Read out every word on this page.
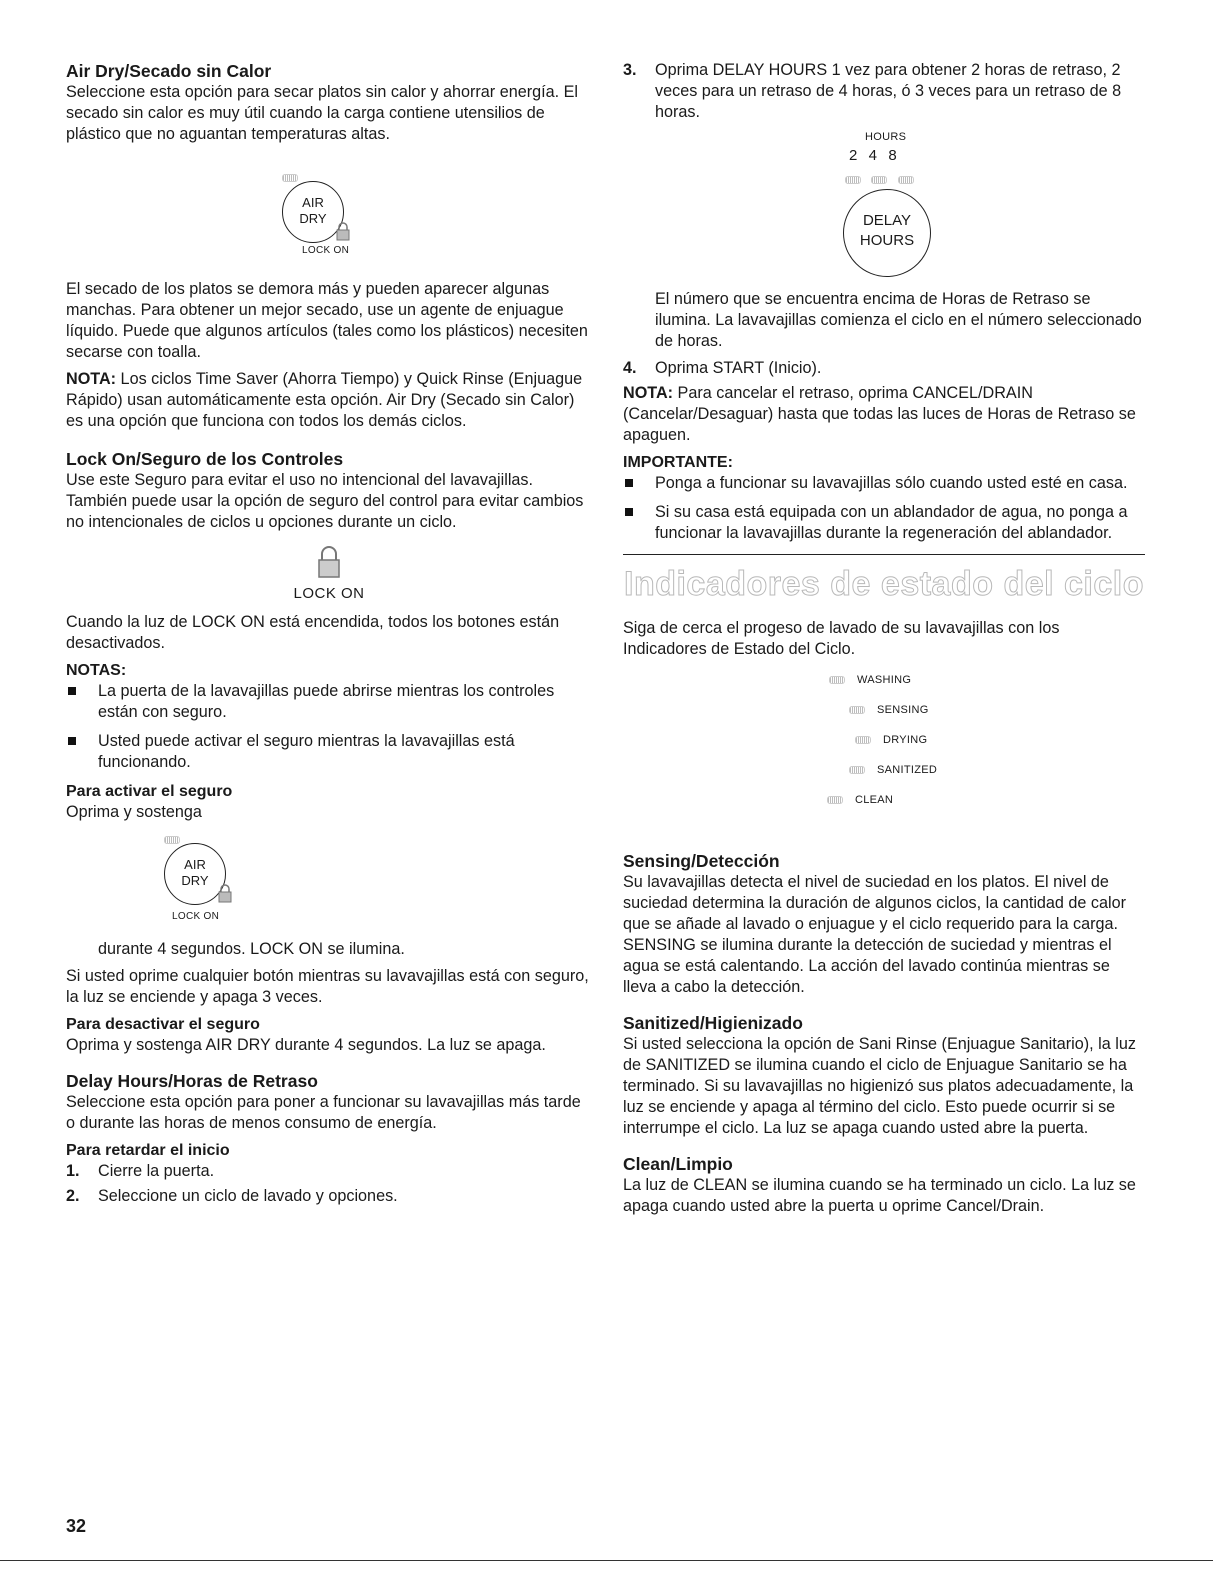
Air Dry/Secado sin Calor

Seleccione esta opción para secar platos sin calor y ahorrar energía. El secado sin calor es muy útil cuando la carga contiene utensilios de plástico que no aguantan temperaturas altas.

AIR
DRY
LOCK ON

El secado de los platos se demora más y pueden aparecer algunas manchas. Para obtener un mejor secado, use un agente de enjuague líquido. Puede que algunos artículos (tales como los plásticos) necesiten secarse con toalla.

NOTA: Los ciclos Time Saver (Ahorra Tiempo) y Quick Rinse (Enjuague Rápido) usan automáticamente esta opción. Air Dry (Secado sin Calor) es una opción que funciona con todos los demás ciclos.

Lock On/Seguro de los Controles

Use este Seguro para evitar el uso no intencional del lavavajillas. También puede usar la opción de seguro del control para evitar cambios no intencionales de ciclos u opciones durante un ciclo.

LOCK ON

Cuando la luz de LOCK ON está encendida, todos los botones están desactivados.

NOTAS:
La puerta de la lavavajillas puede abrirse mientras los controles están con seguro.
Usted puede activar el seguro mientras la lavavajillas está funcionando.
Para activar el seguro

Oprima y sostenga

AIR
DRY
LOCK ON

durante 4 segundos. LOCK ON se ilumina.

Si usted oprime cualquier botón mientras su lavavajillas está con seguro, la luz se enciende y apaga 3 veces.

Para desactivar el seguro

Oprima y sostenga AIR DRY durante 4 segundos. La luz se apaga.

Delay Hours/Horas de Retraso

Seleccione esta opción para poner a funcionar su lavavajillas más tarde o durante las horas de menos consumo de energía.

Para retardar el inicio
1. Cierre la puerta.
2. Seleccione un ciclo de lavado y opciones.
3. Oprima DELAY HOURS 1 vez para obtener 2 horas de retraso, 2 veces para un retraso de 4 horas, ó 3 veces para un retraso de 8 horas.
HOURS
2  4  8

DELAY
HOURS

El número que se encuentra encima de Horas de Retraso se ilumina. La lavavajillas comienza el ciclo en el número seleccionado de horas.

4. Oprima START (Inicio).

NOTA: Para cancelar el retraso, oprima CANCEL/DRAIN (Cancelar/Desaguar) hasta que todas las luces de Horas de Retraso se apaguen.

IMPORTANTE:
Ponga a funcionar su lavavajillas sólo cuando usted esté en casa.
Si su casa está equipada con un ablandador de agua, no ponga a funcionar la lavavajillas durante la regeneración del ablandador.
Indicadores de estado del ciclo

Siga de cerca el progeso de lavado de su lavavajillas con los Indicadores de Estado del Ciclo.

WASHING
SENSING
DRYING
SANITIZED
CLEAN
Sensing/Detección

Su lavavajillas detecta el nivel de suciedad en los platos. El nivel de suciedad determina la duración de algunos ciclos, la cantidad de calor que se añade al lavado o enjuague y el ciclo requerido para la carga. SENSING se ilumina durante la detección de suciedad y mientras el agua se está calentando. La acción del lavado continúa mientras se lleva a cabo la detección.

Sanitized/Higienizado

Si usted selecciona la opción de Sani Rinse (Enjuague Sanitario), la luz de SANITIZED se ilumina cuando el ciclo de Enjuague Sanitario se ha terminado. Si su lavavajillas no higienizó sus platos adecuadamente, la luz se enciende y apaga al término del ciclo. Esto puede ocurrir si se interrumpe el ciclo. La luz se apaga cuando usted abre la puerta.

Clean/Limpio

La luz de CLEAN se ilumina cuando se ha terminado un ciclo. La luz se apaga cuando usted abre la puerta u oprime Cancel/Drain.

32
